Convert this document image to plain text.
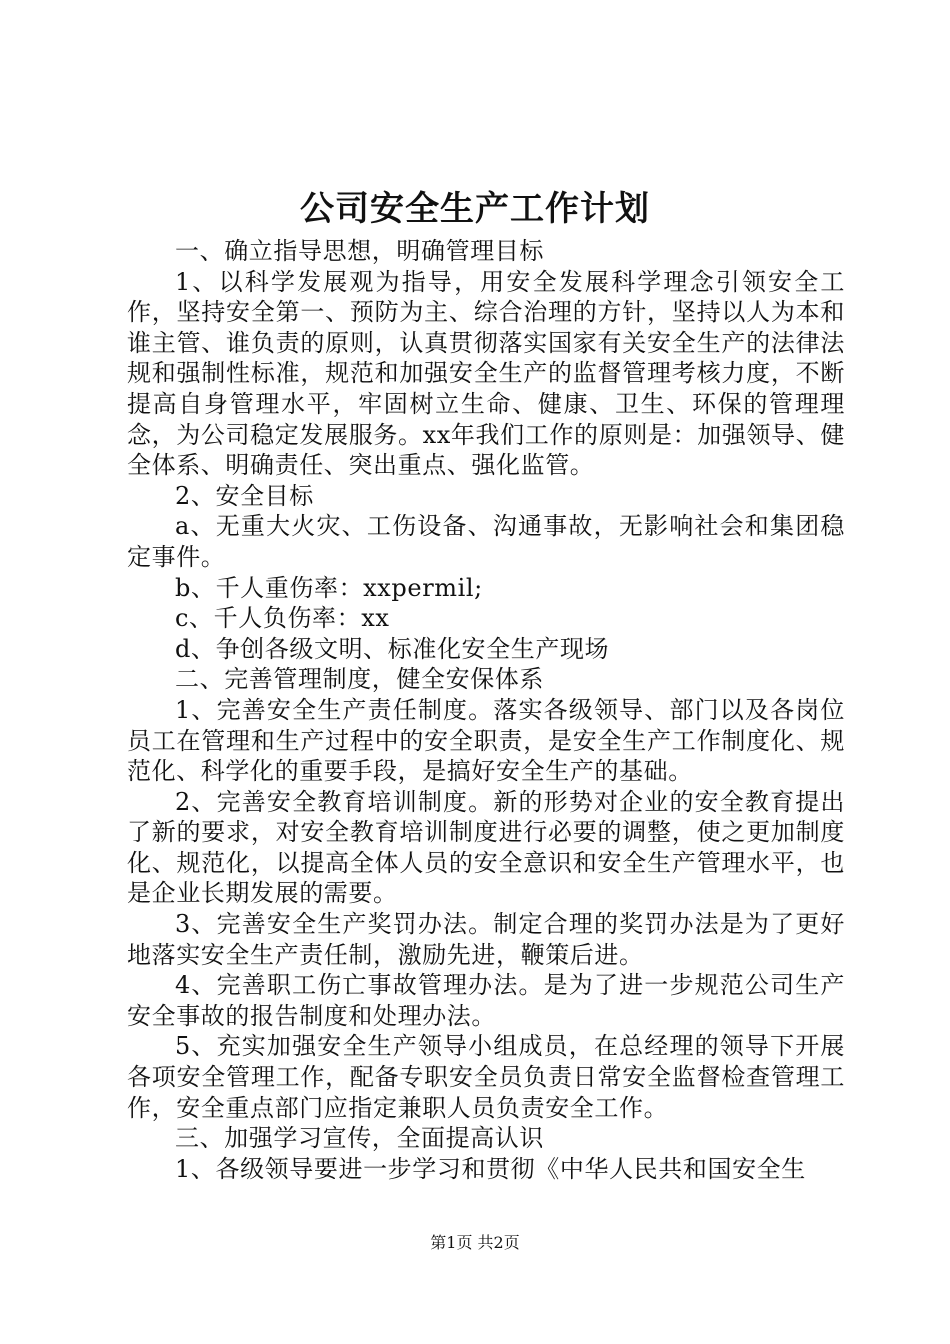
公司安全生产工作计划

一、确立指导思想，明确管理目标

1、以科学发展观为指导，用安全发展科学理念引领安全工作，坚持安全第一、预防为主、综合治理的方针，坚持以人为本和谁主管、谁负责的原则，认真贯彻落实国家有关安全生产的法律法规和强制性标准，规范和加强安全生产的监督管理考核力度，不断提高自身管理水平，牢固树立生命、健康、卫生、环保的管理理念，为公司稳定发展服务。xx年我们工作的原则是：加强领导、健全体系、明确责任、突出重点、强化监管。

2、安全目标

a、无重大火灾、工伤设备、沟通事故，无影响社会和集团稳定事件。

b、千人重伤率：xxpermil;

c、千人负伤率：xx

d、争创各级文明、标准化安全生产现场

二、完善管理制度，健全安保体系

1、完善安全生产责任制度。落实各级领导、部门以及各岗位员工在管理和生产过程中的安全职责，是安全生产工作制度化、规范化、科学化的重要手段，是搞好安全生产的基础。

2、完善安全教育培训制度。新的形势对企业的安全教育提出了新的要求，对安全教育培训制度进行必要的调整，使之更加制度化、规范化，以提高全体人员的安全意识和安全生产管理水平，也是企业长期发展的需要。

3、完善安全生产奖罚办法。制定合理的奖罚办法是为了更好地落实安全生产责任制，激励先进，鞭策后进。

4、完善职工伤亡事故管理办法。是为了进一步规范公司生产安全事故的报告制度和处理办法。

5、充实加强安全生产领导小组成员，在总经理的领导下开展各项安全管理工作，配备专职安全员负责日常安全监督检查管理工作，安全重点部门应指定兼职人员负责安全工作。

三、加强学习宣传，全面提高认识

1、各级领导要进一步学习和贯彻《中华人民共和国安全生

第1页 共2页
